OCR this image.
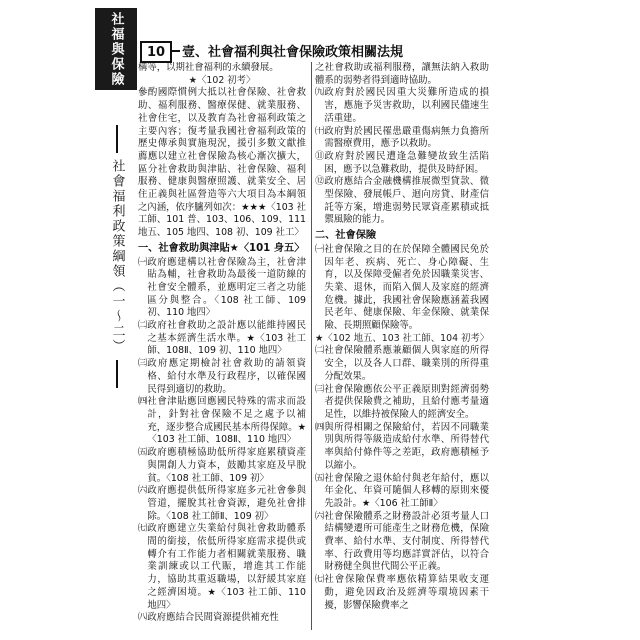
社福與保險	10	壹、社會福利與社會保險政策相關法規
社會福利政策綱領（一～二）

構等，以期社會福利的永續發展。

★〈102 初考〉

參酌國際慣例大抵以社會保險、社會救助、福利服務、醫療保健、就業服務、社會住宅，以及教育為社會福利政策之主要內容；復考量我國社會福利政策的歷史傳承與實施現況，援引多數文獻推薦應以建立社會保險為核心漸次擴大，區分社會救助與津貼、社會保險、福利服務、健康與醫療照護、就業安全、居住正義與社區營造等六大項目為本綱領之內涵，依序臚列如次：★★★〈103 社工師、101 普、103、106、109、111 地五、105 地四、108 初、109 社工〉

一、社會救助與津貼★〈101 身五〉

㈠ 政府應建構以社會保險為主，社會津貼為輔，社會救助為最後一道防線的社會安全體系，並應明定三者之功能區分與整合。〈108 社工師、109 初、110 地四〉
㈡ 政府社會救助之設計應以能維持國民之基本經濟生活水準。★〈103 社工師、108Ⅱ、109 初、110 地四〉
㈢ 政府應定期檢討社會救助的請領資格、給付水準及行政程序，以確保國民得到適切的救助。
㈣ 社會津貼應回應國民特殊的需求而設計，針對社會保險不足之處予以補充，逐步整合成國民基本所得保障。★〈103 社工師、108Ⅱ、110 地四〉
㈤ 政府應積極協助低所得家庭累積資產與開創人力資本，鼓勵其家庭及早脫貧。〈108 社工師、109 初〉
㈥ 政府應提供低所得家庭多元社會參與管道，擺脫其社會資源，避免社會排除。〈108 社工師Ⅱ、109 初〉
㈦ 政府應建立失業給付與社會救助體系間的銜接，依低所得家庭需求提供或轉介有工作能力者相關就業服務、職業訓練或以工代賑，增進其工作能力，協助其重返職場，以舒緩其家庭之經濟困境。★〈103 社工師、110 地四〉
㈧ 政府應結合民間資源提供補充性

之社會救助或福利服務，讓無法納入救助體系的弱勢者得到適時協助。

㈨ 政府對於國民因重大災難所造成的損害，應施予災害救助，以利國民儘速生活重建。
㈩ 政府對於國民罹患嚴重傷病無力負擔所需醫療費用，應予以救助。
⑪ 政府對於國民遭逢急難變故致生活陷困，應予以急難救助，提供及時紓困。
⑫ 政府應結合金融機構推展微型貸款、微型保險、發展帳戶、迴向房貸、財產信託等方案，增進弱勢民眾資產累積或抵禦風險的能力。

二、社會保險

㈠ 社會保險之目的在於保障全體國民免於因年老、疾病、死亡、身心障礙、生育，以及保障受僱者免於因職業災害、失業、退休，而陷入個人及家庭的經濟危機。據此，我國社會保險應涵蓋我國民老年、健康保險、年金保險、就業保險、長期照顧保險等。

★〈102 地五、103 社工師、104 初考〉

㈡ 社會保險體系應兼顧個人與家庭的所得安全，以及各人口群、職業別的所得重分配效果。
㈢ 社會保險應依公平正義原則對經濟弱勢者提供保險費之補助，且給付應考量適足性，以維持被保險人的經濟安全。
㈣ 與所得相關之保險給付，若因不同職業別與所得等級造成給付水準、所得替代率與給付條件等之差距，政府應積極予以縮小。
㈤ 社會保險之退休給付與老年給付，應以年金化、年資可隨個人移轉的原則來優先設計。★〈106 社工師Ⅱ〉
㈥ 社會保險體系之財務設計必須考量人口結構變遷所可能產生之財務危機，保險費率、給付水準、支付制度、所得替代率、行政費用等均應詳實評估，以符合財務健全與世代間公平正義。
㈦ 社會保險保費率應依精算結果收支運動，避免因政治及經濟等環境因素干擾，影響保險費率之
